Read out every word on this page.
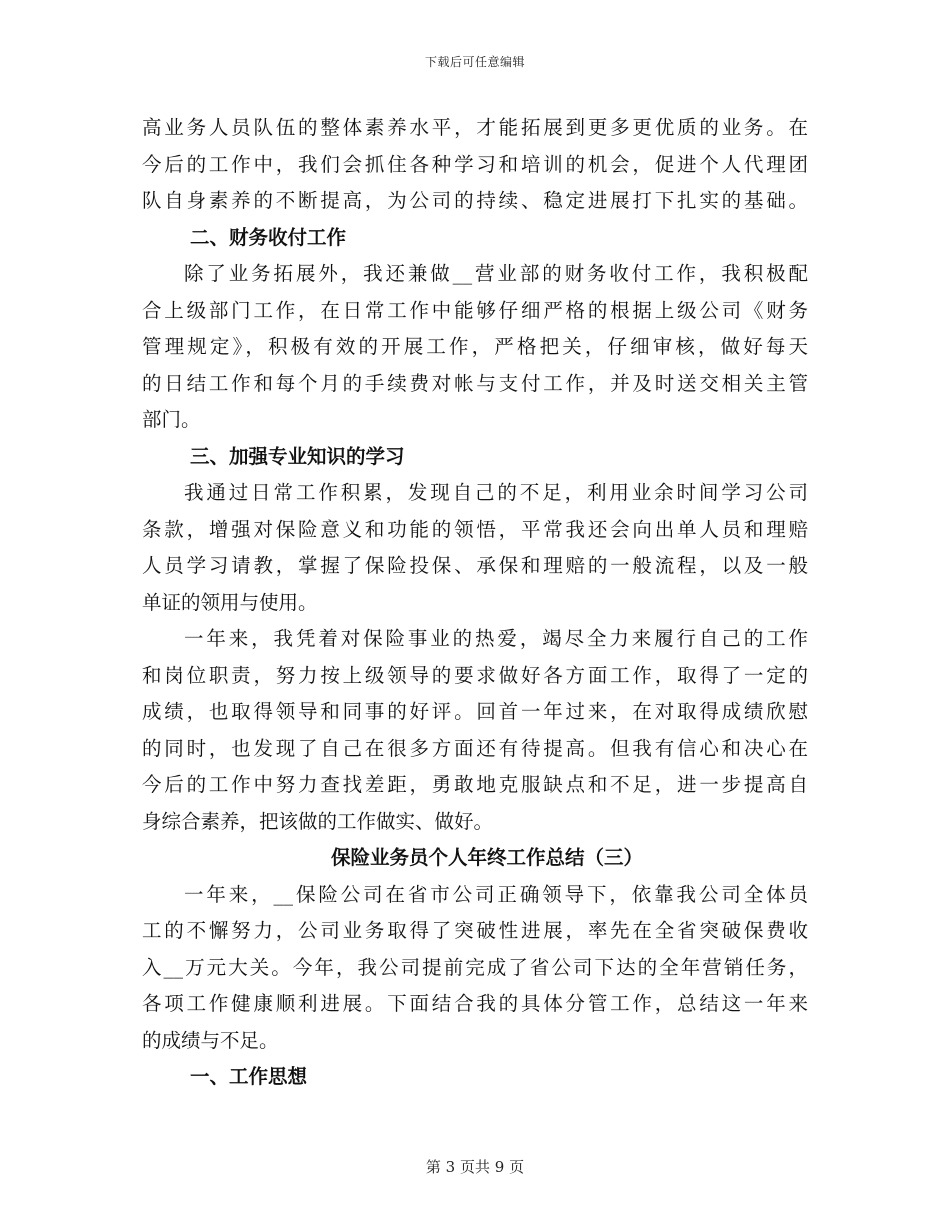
下载后可任意编辑
高业务人员队伍的整体素养水平，才能拓展到更多更优质的业务。在
今后的工作中，我们会抓住各种学习和培训的机会，促进个人代理团
队自身素养的不断提高，为公司的持续、稳定进展打下扎实的基础。
二、财务收付工作
除了业务拓展外，我还兼做__营业部的财务收付工作，我积极配
合上级部门工作，在日常工作中能够仔细严格的根据上级公司《财务
管理规定》，积极有效的开展工作，严格把关，仔细审核，做好每天
的日结工作和每个月的手续费对帐与支付工作，并及时送交相关主管
部门。
三、加强专业知识的学习
我通过日常工作积累，发现自己的不足，利用业余时间学习公司
条款，增强对保险意义和功能的领悟，平常我还会向出单人员和理赔
人员学习请教，掌握了保险投保、承保和理赔的一般流程，以及一般
单证的领用与使用。
一年来，我凭着对保险事业的热爱，竭尽全力来履行自己的工作
和岗位职责，努力按上级领导的要求做好各方面工作，取得了一定的
成绩，也取得领导和同事的好评。回首一年过来，在对取得成绩欣慰
的同时，也发现了自己在很多方面还有待提高。但我有信心和决心在
今后的工作中努力查找差距，勇敢地克服缺点和不足，进一步提高自
身综合素养，把该做的工作做实、做好。
保险业务员个人年终工作总结（三）
一年来，__保险公司在省市公司正确领导下，依靠我公司全体员
工的不懈努力，公司业务取得了突破性进展，率先在全省突破保费收
入__万元大关。今年，我公司提前完成了省公司下达的全年营销任务，
各项工作健康顺利进展。下面结合我的具体分管工作，总结这一年来
的成绩与不足。
一、工作思想
第 3 页共 9 页
